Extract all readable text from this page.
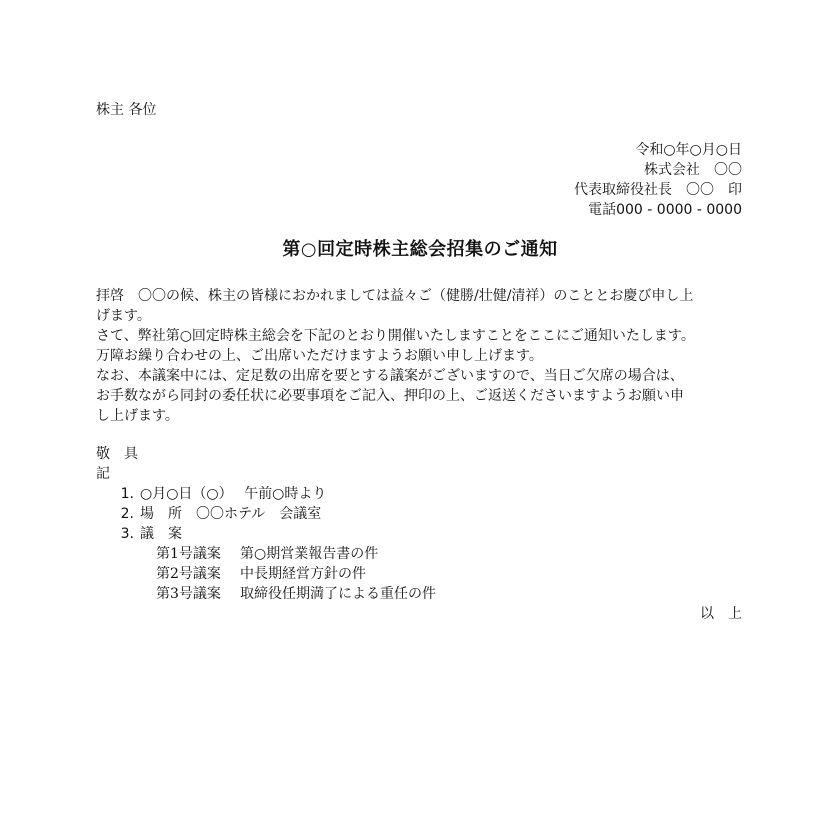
株主 各位
令和○年○月○日
株式会社　〇〇
代表取締役社長　〇〇　印
電話000 - 0000 - 0000
第○回定時株主総会招集のご通知

拝啓　〇〇の候、株主の皆様におかれましては益々ご（健勝/壮健/清祥）のこととお慶び申し上

げます。

さて、弊社第○回定時株主総会を下記のとおり開催いたしますことをここにご通知いたします。

万障お繰り合わせの上、ご出席いただけますようお願い申し上げます。

なお、本議案中には、定足数の出席を要とする議案がございますので、当日ご欠席の場合は、

お手数ながら同封の委任状に必要事項をご記入、押印の上、ご返送くださいますようお願い申

し上げます。

敬　具
記
1. ○月○日（○）　 午前○時より
2. 場　所　〇〇ホテル　会議室
3. 議　案
第1号議案 第○期営業報告書の件
第2号議案 中長期経営方針の件
第3号議案 取締役任期満了による重任の件
以　上
